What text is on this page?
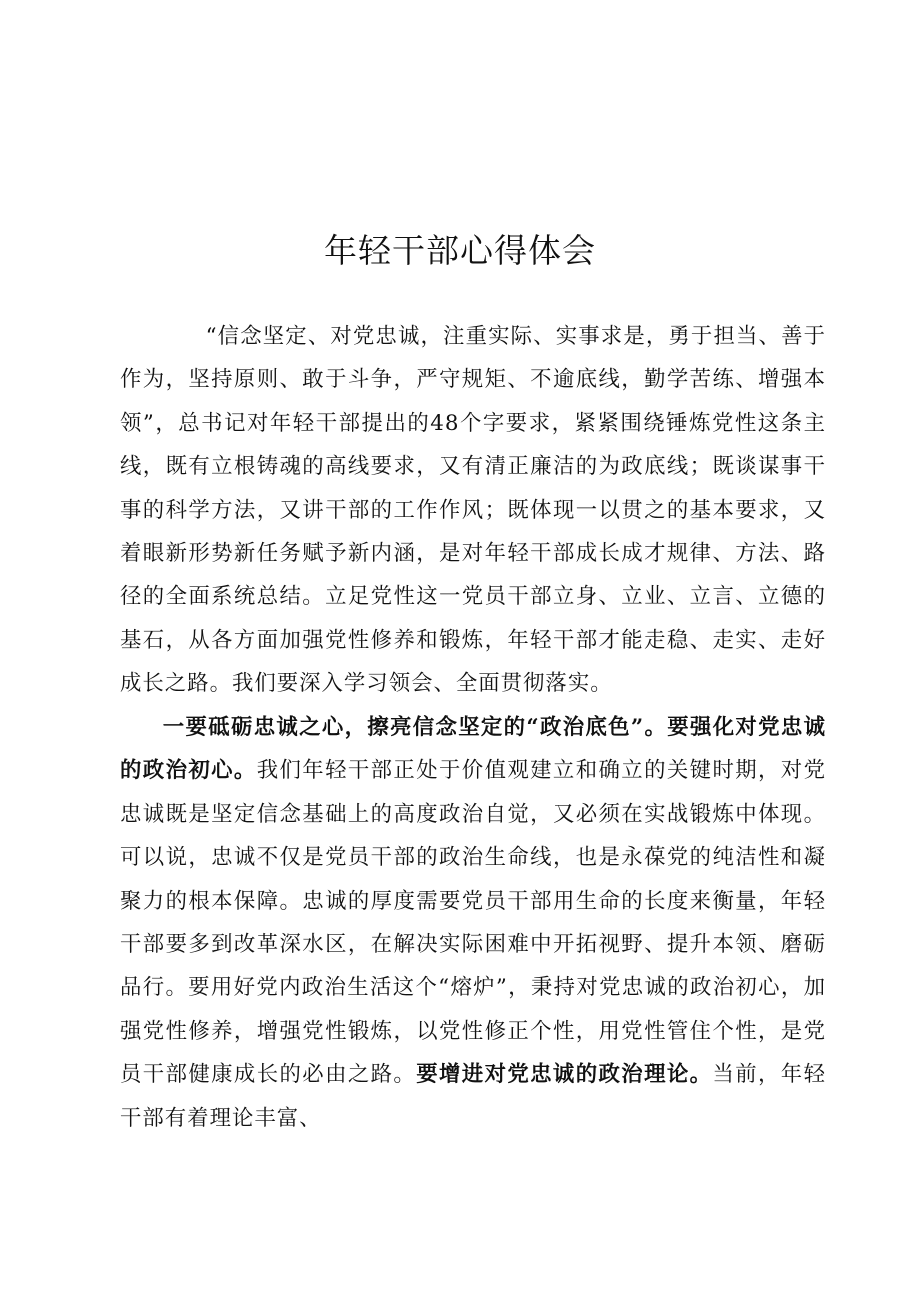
年轻干部心得体会

“信念坚定、对党忠诚，注重实际、实事求是，勇于担当、善于作为，坚持原则、敢于斗争，严守规矩、不逾底线，勤学苦练、增强本领”，总书记对年轻干部提出的48个字要求，紧紧围绕锤炼党性这条主线，既有立根铸魂的高线要求，又有清正廉洁的为政底线；既谈谋事干事的科学方法，又讲干部的工作作风；既体现一以贯之的基本要求，又着眼新形势新任务赋予新内涵，是对年轻干部成长成才规律、方法、路径的全面系统总结。立足党性这一党员干部立身、立业、立言、立德的基石，从各方面加强党性修养和锻炼，年轻干部才能走稳、走实、走好成长之路。我们要深入学习领会、全面贯彻落实。

一要砥砺忠诚之心，擦亮信念坚定的“政治底色”。要强化对党忠诚的政治初心。我们年轻干部正处于价值观建立和确立的关键时期，对党忠诚既是坚定信念基础上的高度政治自觉，又必须在实战锻炼中体现。可以说，忠诚不仅是党员干部的政治生命线，也是永葆党的纯洁性和凝聚力的根本保障。忠诚的厚度需要党员干部用生命的长度来衡量，年轻干部要多到改革深水区，在解决实际困难中开拓视野、提升本领、磨砺品行。要用好党内政治生活这个“熔炉”，秉持对党忠诚的政治初心，加强党性修养，增强党性锻炼，以党性修正个性，用党性管住个性，是党员干部健康成长的必由之路。要增进对党忠诚的政治理论。当前，年轻干部有着理论丰富、
